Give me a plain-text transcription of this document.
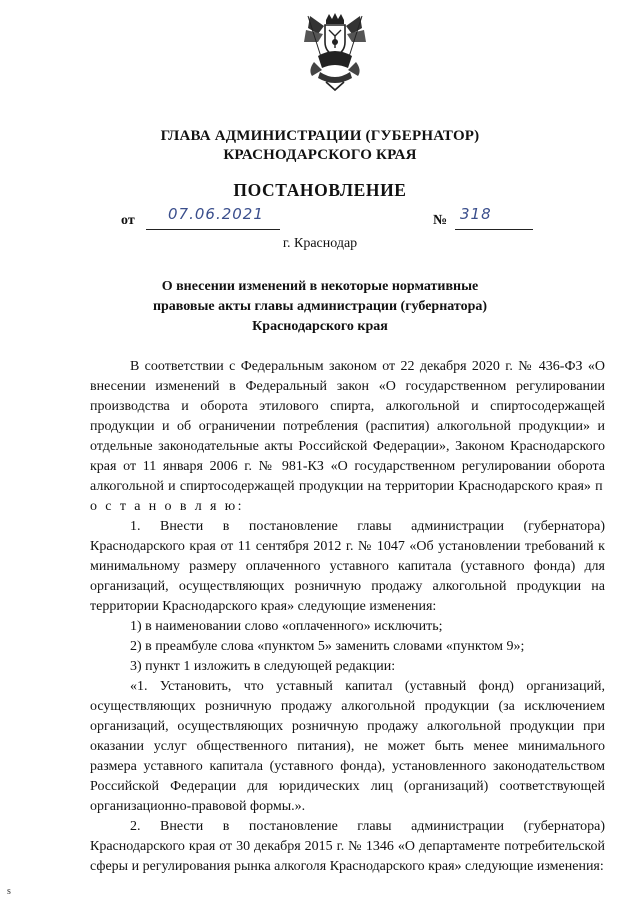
ГЛАВА АДМИНИСТРАЦИИ (ГУБЕРНАТОР)
КРАСНОДАРСКОГО КРАЯ
ПОСТАНОВЛЕНИЕ
от 07.06.2021	№ 318
г. Краснодар
О внесении изменений в некоторые нормативные
правовые акты главы администрации (губернатора)
Краснодарского края

В соответствии с Федеральным законом от 22 декабря 2020 г. № 436-ФЗ «О внесении изменений в Федеральный закон «О государственном регулировании производства и оборота этилового спирта, алкогольной и спиртосодержащей продукции и об ограничении потребления (распития) алкогольной продукции» и отдельные законодательные акты Российской Федерации», Законом Краснодарского края от 11 января 2006 г. № 981-КЗ «О государственном регулировании оборота алкогольной и спиртосодержащей продукции на территории Краснодарского края» п о с т а н о в л я ю:

1. Внести в постановление главы администрации (губернатора) Краснодарского края от 11 сентября 2012 г. № 1047 «Об установлении требований к минимальному размеру оплаченного уставного капитала (уставного фонда) для организаций, осуществляющих розничную продажу алкогольной продукции на территории Краснодарского края» следующие изменения:

1) в наименовании слово «оплаченного» исключить;

2) в преамбуле слова «пунктом 5» заменить словами «пунктом 9»;

3) пункт 1 изложить в следующей редакции:

«1. Установить, что уставный капитал (уставный фонд) организаций, осуществляющих розничную продажу алкогольной продукции (за исключением организаций, осуществляющих розничную продажу алкогольной продукции при оказании услуг общественного питания), не может быть менее минимального размера уставного капитала (уставного фонда), установленного законодательством Российской Федерации для юридических лиц (организаций) соответствующей организационно-правовой формы.».

2. Внести в постановление главы администрации (губернатора) Краснодарского края от 30 декабря 2015 г. № 1346 «О департаменте потребительской сферы и регулирования рынка алкоголя Краснодарского края» следующие изменения:

s
